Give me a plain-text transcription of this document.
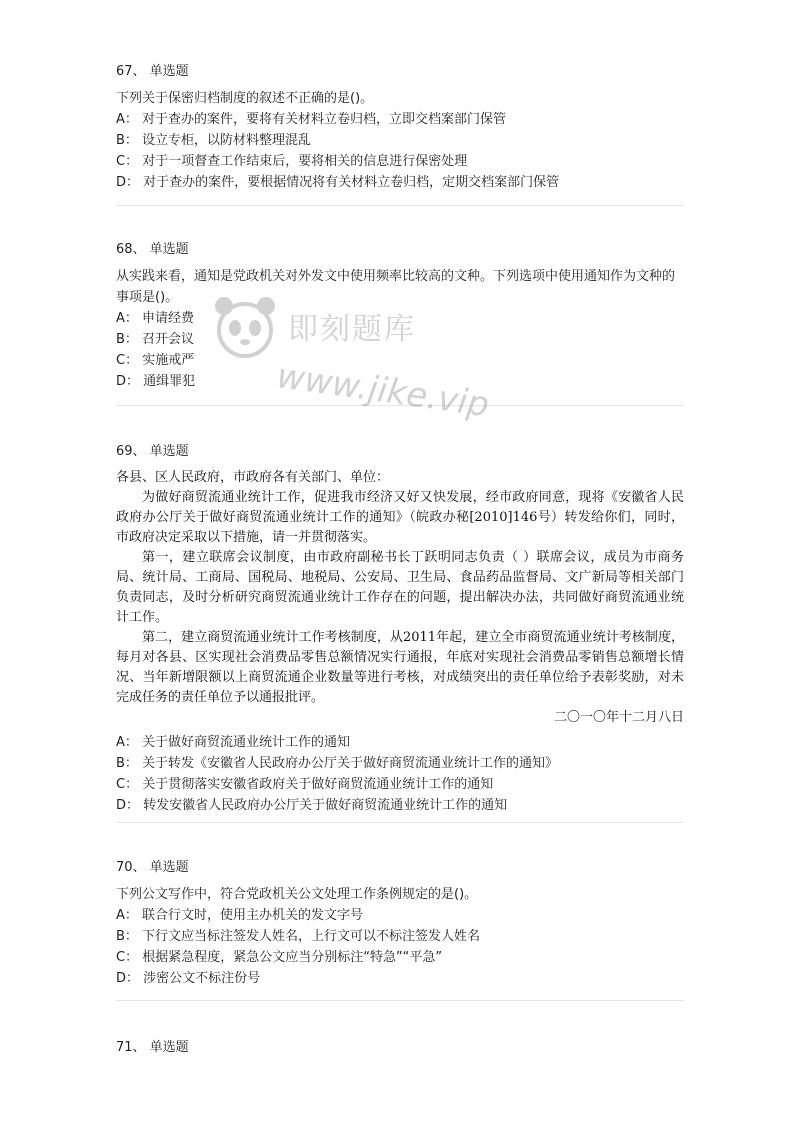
67、 单选题
下列关于保密归档制度的叙述不正确的是()。
A： 对于查办的案件，要将有关材料立卷归档，立即交档案部门保管
B： 设立专柜，以防材料整理混乱
C： 对于一项督查工作结束后，要将相关的信息进行保密处理
D： 对于查办的案件，要根据情况将有关材料立卷归档，定期交档案部门保管
68、 单选题
从实践来看，通知是党政机关对外发文中使用频率比较高的文种。下列选项中使用通知作为文种的事项是()。
A： 申请经费
B： 召开会议
C： 实施戒严
D： 通缉罪犯
即刻题库
www.jike.vip
69、 单选题

各县、区人民政府，市政府各有关部门、单位：

为做好商贸流通业统计工作，促进我市经济又好又快发展，经市政府同意，现将《安徽省人民政府办公厅关于做好商贸流通业统计工作的通知》（皖政办秘[2010]146号）转发给你们，同时，市政府决定采取以下措施，请一并贯彻落实。

第一，建立联席会议制度，由市政府副秘书长丁跃明同志负责（ ）联席会议，成员为市商务局、统计局、工商局、国税局、地税局、公安局、卫生局、食品药品监督局、文广新局等相关部门负责同志，及时分析研究商贸流通业统计工作存在的问题，提出解决办法，共同做好商贸流通业统计工作。

第二，建立商贸流通业统计工作考核制度，从2011年起，建立全市商贸流通业统计考核制度，每月对各县、区实现社会消费品零售总额情况实行通报，年底对实现社会消费品零销售总额增长情况、当年新增限额以上商贸流通企业数量等进行考核，对成绩突出的责任单位给予表彰奖励，对未完成任务的责任单位予以通报批评。

二〇一〇年十二月八日

A： 关于做好商贸流通业统计工作的通知
B： 关于转发《安徽省人民政府办公厅关于做好商贸流通业统计工作的通知》
C： 关于贯彻落实安徽省政府关于做好商贸流通业统计工作的通知
D： 转发安徽省人民政府办公厅关于做好商贸流通业统计工作的通知
70、 单选题
下列公文写作中，符合党政机关公文处理工作条例规定的是()。
A： 联合行文时，使用主办机关的发文字号
B： 下行文应当标注签发人姓名，上行文可以不标注签发人姓名
C： 根据紧急程度，紧急公文应当分别标注“特急”“平急”
D： 涉密公文不标注份号
71、 单选题
